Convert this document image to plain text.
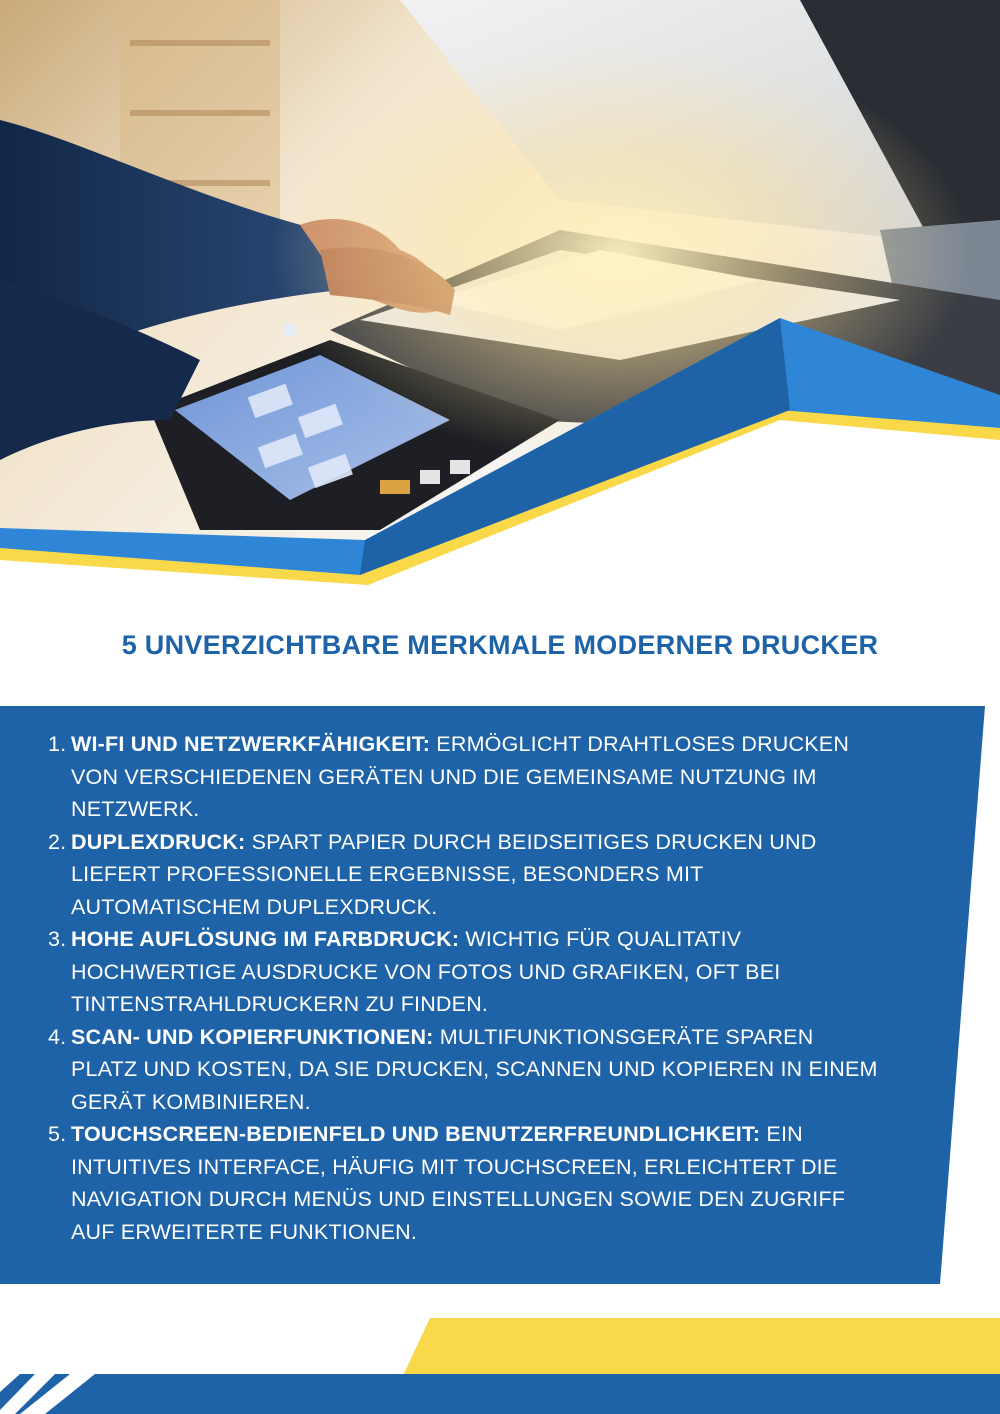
5 UNVERZICHTBARE MERKMALE MODERNER DRUCKER
1. WI-FI UND NETZWERKFÄHIGKEIT: ERMÖGLICHT DRAHTLOSES DRUCKEN
VON VERSCHIEDENEN GERÄTEN UND DIE GEMEINSAME NUTZUNG IM
NETZWERK.
2. DUPLEXDRUCK: SPART PAPIER DURCH BEIDSEITIGES DRUCKEN UND
LIEFERT PROFESSIONELLE ERGEBNISSE, BESONDERS MIT
AUTOMATISCHEM DUPLEXDRUCK.
3. HOHE AUFLÖSUNG IM FARBDRUCK: WICHTIG FÜR QUALITATIV
HOCHWERTIGE AUSDRUCKE VON FOTOS UND GRAFIKEN, OFT BEI
TINTENSTRAHLDRUCKERN ZU FINDEN.
4. SCAN- UND KOPIERFUNKTIONEN: MULTIFUNKTIONSGERÄTE SPAREN
PLATZ UND KOSTEN, DA SIE DRUCKEN, SCANNEN UND KOPIEREN IN EINEM
GERÄT KOMBINIEREN.
5. TOUCHSCREEN-BEDIENFELD UND BENUTZERFREUNDLICHKEIT: EIN
INTUITIVES INTERFACE, HÄUFIG MIT TOUCHSCREEN, ERLEICHTERT DIE
NAVIGATION DURCH MENÜS UND EINSTELLUNGEN SOWIE DEN ZUGRIFF
AUF ERWEITERTE FUNKTIONEN.
